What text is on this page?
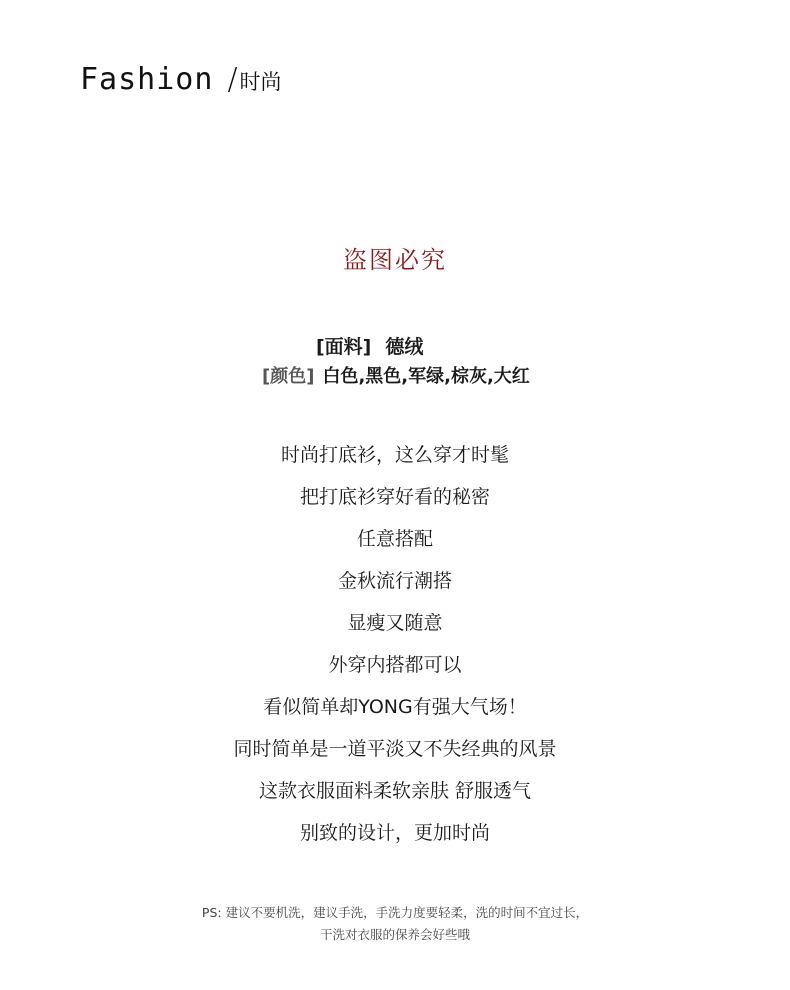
Fashion /时尚
盗图必究
[面料] 德绒
[颜色] 白色,黑色,军绿,棕灰,大红
时尚打底衫，这么穿才时髦
把打底衫穿好看的秘密
任意搭配
金秋流行潮搭
显瘦又随意
外穿内搭都可以
看似简单却YONG有强大气场！
同时简单是一道平淡又不失经典的风景
这款衣服面料柔软亲肤 舒服透气
别致的设计，更加时尚
PS: 建议不要机洗，建议手洗，手洗力度要轻柔，洗的时间不宜过长，
干洗对衣服的保养会好些哦
